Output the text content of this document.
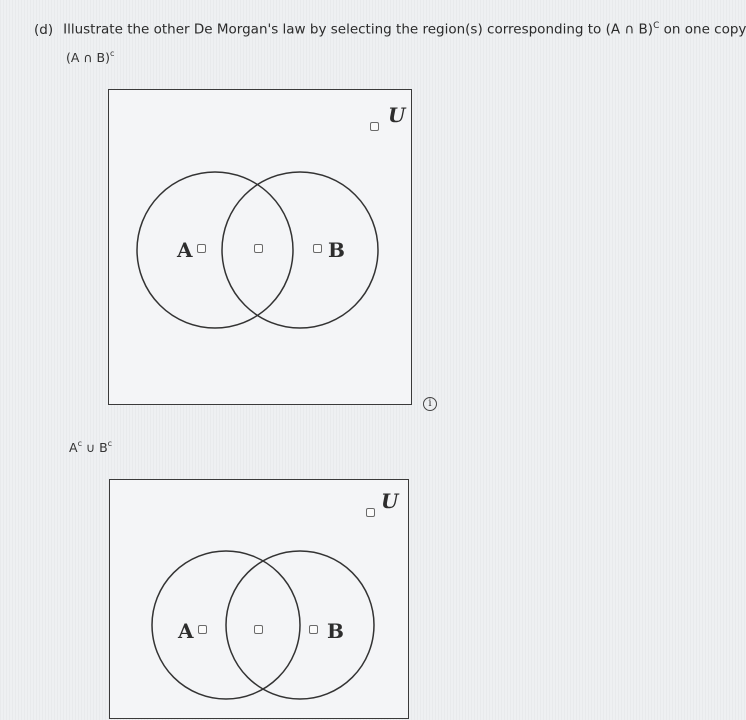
(d) Illustrate the other De Morgan's law by selecting the region(s) corresponding to (A ∩ B)$^C$ on one copy
(A ∩ B)$^c$
U
A	B
i
$A^c$ ∪ $B^c$
U
A	B
